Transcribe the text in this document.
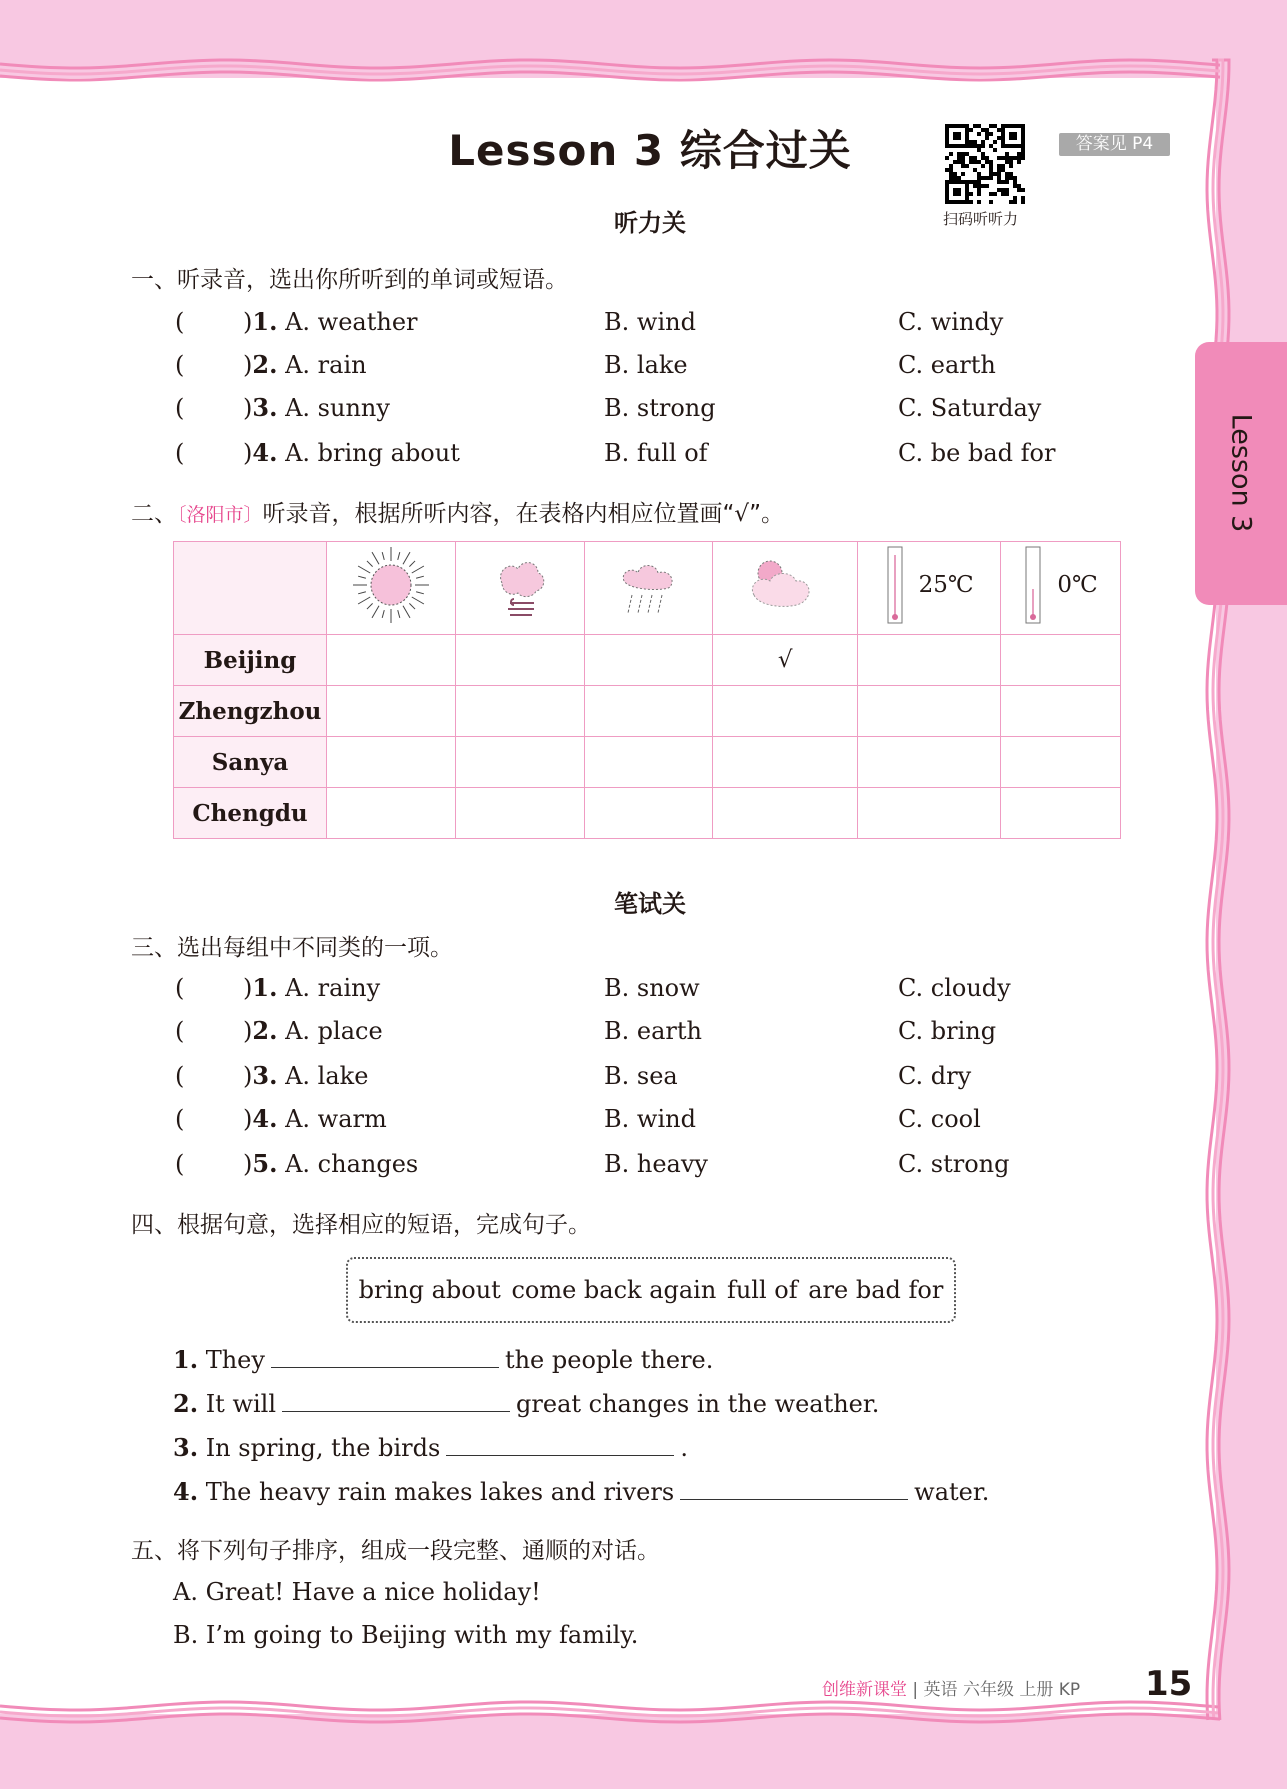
Lesson 3
Lesson 3 综合过关
扫码听听力
答案见 P4
听力关
一、听录音，选出你所听到的单词或短语。
( )1. A. weather	B. wind	C. windy
( )2. A. rain	B. lake	C. earth
( )3. A. sunny	B. strong	C. Saturday
( )4. A. bring about	B. full of	C. be bad for
二、〔洛阳市〕听录音，根据所听内容，在表格内相应位置画“√”。

25℃	0℃

Beijing				√		
Zhengzhou						
Sanya						
Chengdu						
笔试关
三、选出每组中不同类的一项。
( )1. A. rainy	B. snow	C. cloudy
( )2. A. place	B. earth	C. bring
( )3. A. lake	B. sea	C. dry
( )4. A. warm	B. wind	C. cool
( )5. A. changes	B. heavy	C. strong
四、根据句意，选择相应的短语，完成句子。
bring about come back again full of are bad for
1. They	the people there.
2. It will	great changes in the weather.
3. In spring, the birds	.
4. The heavy rain makes lakes and rivers	water.
五、将下列句子排序，组成一段完整、通顺的对话。
A. Great! Have a nice holiday!
B. I’m going to Beijing with my family.
创维新课堂 | 英语 六年级 上册 KP 15
